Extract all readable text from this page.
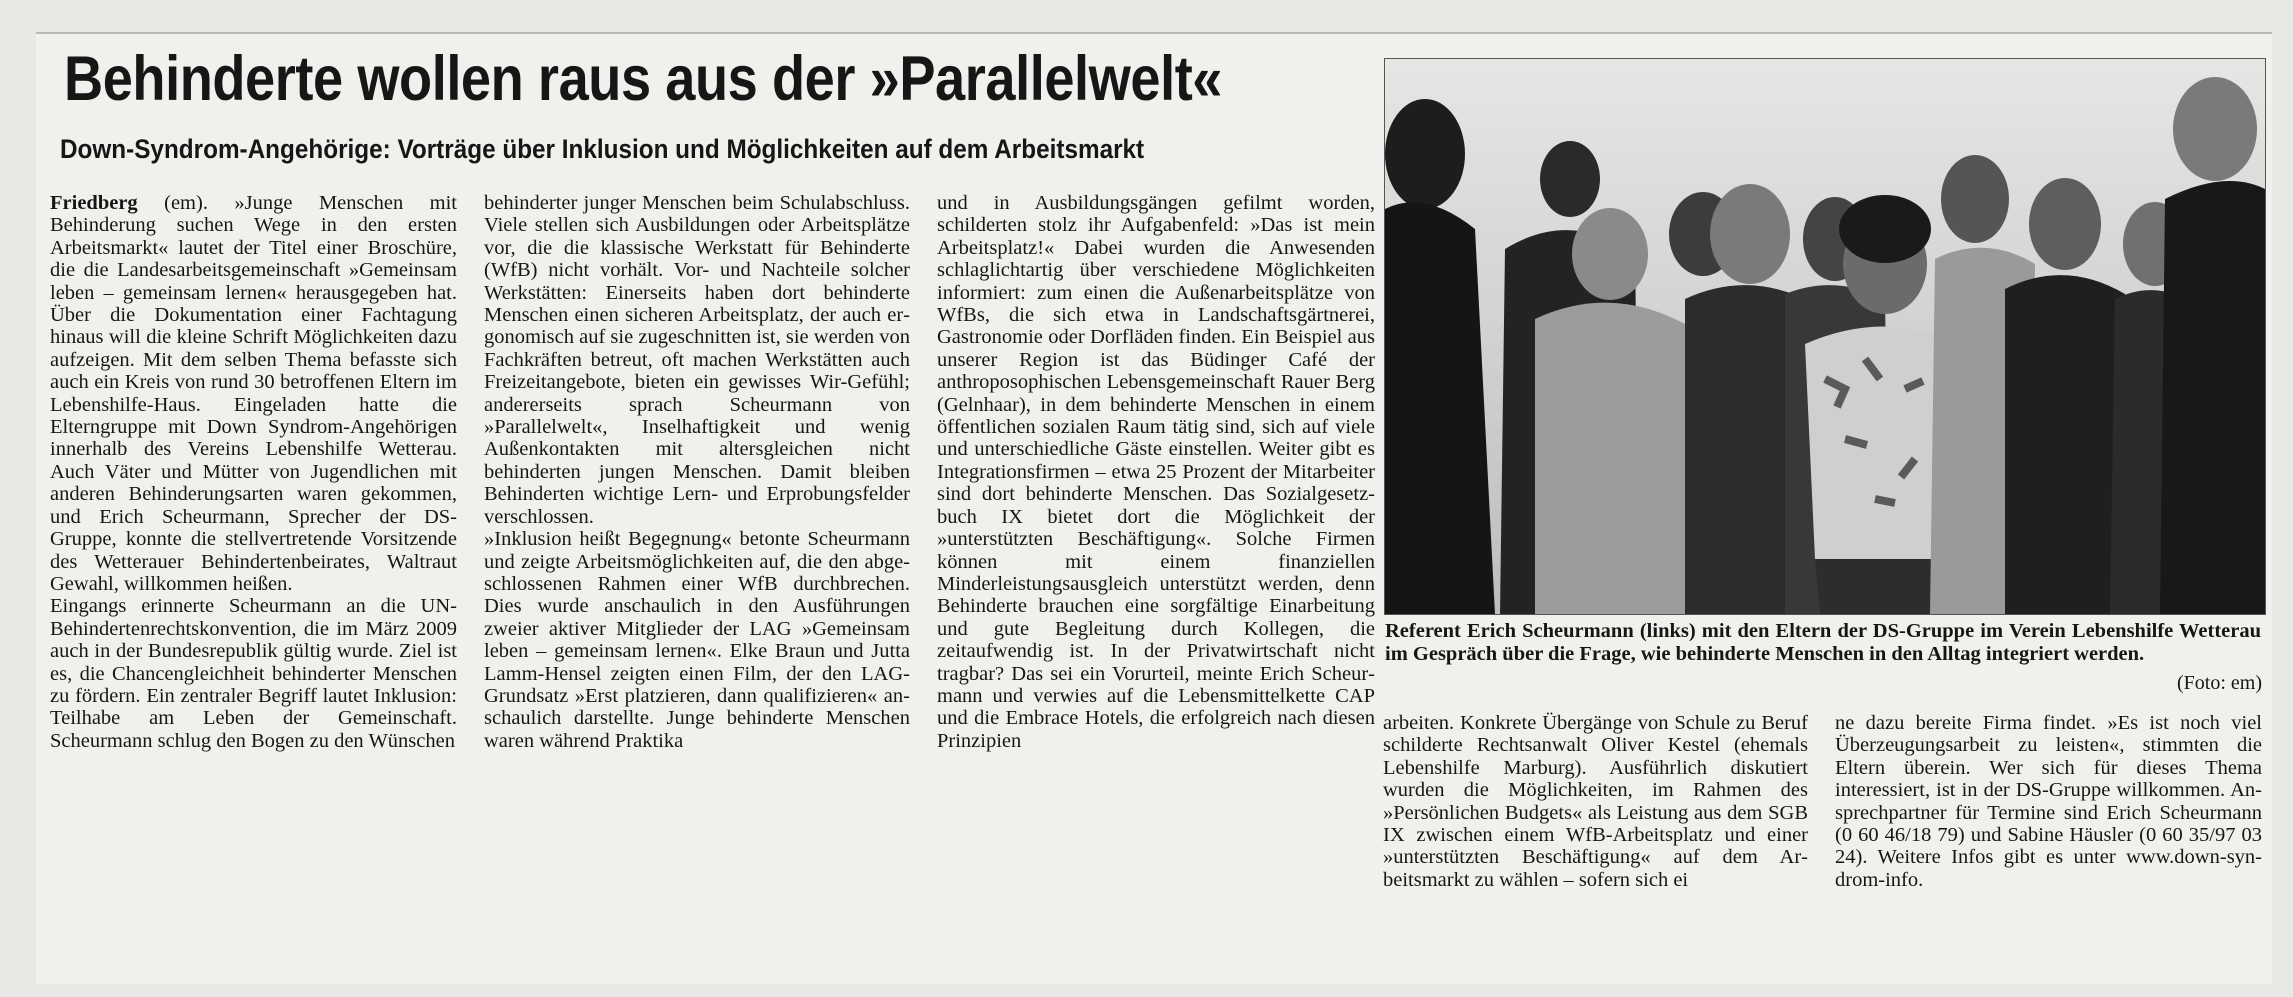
Behinderte wollen raus aus der »Parallelwelt«
Down-Syndrom-Angehörige: Vorträge über Inklusion und Möglichkeiten auf dem Arbeitsmarkt

Friedberg (em). »Junge Menschen mit Behinderung suchen Wege in den ersten Arbeitsmarkt« lautet der Titel einer Broschüre, die die Landesarbeitsgemeinschaft »Gemeinsam leben – gemeinsam lernen« herausgegeben hat. Über die Dokumentation einer Fachtagung hinaus will die kleine Schrift Möglichkeiten dazu aufzeigen. Mit dem selben Thema befasste sich auch ein Kreis von rund 30 betroffenen Eltern im Lebenshilfe-Haus. Eingeladen hatte die Elterngruppe mit Down Syndrom-Angehörigen innerhalb des Vereins Lebenshilfe Wetterau. Auch Väter und Mütter von Jugendlichen mit anderen Behinderungsarten waren gekommen, und Erich Scheurmann, Sprecher der DS-Gruppe, konnte die stellvertretende Vorsitzende des Wetterauer Behindertenbeirates, Waltraut Gewahl, willkommen heißen.

Eingangs erinnerte Scheurmann an die UN-Behindertenrechtskonvention, die im März 2009 auch in der Bundesrepublik gültig wurde. Ziel ist es, die Chancengleichheit behinderter Menschen zu fördern. Ein zentraler Begriff lautet Inklusion: Teilhabe am Leben der Gemeinschaft. Scheurmann schlug den Bogen zu den Wünschen

behinderter junger Menschen beim Schulabschluss. Viele stellen sich Ausbildungen oder Arbeitsplätze vor, die die klassische Werkstatt für Behinderte (WfB) nicht vorhält. Vor- und Nachteile solcher Werkstätten: Einerseits haben dort behinderte Menschen einen sicheren Arbeitsplatz, der auch ergonomisch auf sie zugeschnitten ist, sie werden von Fachkräften betreut, oft machen Werkstätten auch Freizeitangebote, bieten ein gewisses Wir-Gefühl; andererseits sprach Scheurmann von »Parallelwelt«, Inselhaftigkeit und wenig Außenkontakten mit altersgleichen nicht behinderten jungen Menschen. Damit bleiben Behinderten wichtige Lern- und Erprobungsfelder verschlossen.

»Inklusion heißt Begegnung« betonte Scheurmann und zeigte Arbeitsmöglichkeiten auf, die den abgeschlossenen Rahmen einer WfB durchbrechen. Dies wurde anschaulich in den Ausführungen zweier aktiver Mitglieder der LAG »Gemeinsam leben – gemeinsam lernen«. Elke Braun und Jutta Lamm-Hensel zeigten einen Film, der den LAG-Grundsatz »Erst platzieren, dann qualifizieren« anschaulich darstellte. Junge behinderte Menschen waren während Praktika

und in Ausbildungsgängen gefilmt worden, schilderten stolz ihr Aufgabenfeld: »Das ist mein Arbeitsplatz!« Dabei wurden die Anwesenden schlaglichtartig über verschiedene Möglichkeiten informiert: zum einen die Außenarbeitsplätze von WfBs, die sich etwa in Landschaftsgärtnerei, Gastronomie oder Dorfläden finden. Ein Beispiel aus unserer Region ist das Büdinger Café der anthroposophischen Lebensgemeinschaft Rauer Berg (Gelnhaar), in dem behinderte Menschen in einem öffentlichen sozialen Raum tätig sind, sich auf viele und unterschiedliche Gäste einstellen. Weiter gibt es Integrationsfirmen – etwa 25 Prozent der Mitarbeiter sind dort behinderte Menschen. Das Sozialgesetzbuch IX bietet dort die Möglichkeit der »unterstützten Beschäftigung«. Solche Firmen können mit einem finanziellen Minderleistungsausgleich unterstützt werden, denn Behinderte brauchen eine sorgfältige Einarbeitung und gute Begleitung durch Kollegen, die zeitaufwendig ist. In der Privatwirtschaft nicht tragbar? Das sei ein Vorurteil, meinte Erich Scheurmann und verwies auf die Lebensmittelkette CAP und die Embrace Hotels, die erfolgreich nach diesen Prinzipien

arbeiten. Konkrete Übergänge von Schule zu Beruf schilderte Rechtsanwalt Oliver Kestel (ehemals Lebenshilfe Marburg). Ausführlich diskutiert wurden die Möglichkeiten, im Rahmen des »Persönlichen Budgets« als Leistung aus dem SGB IX zwischen einem WfB-Arbeitsplatz und einer »unterstützten Beschäftigung« auf dem Arbeitsmarkt zu wählen – sofern sich ei

ne dazu bereite Firma findet. »Es ist noch viel Überzeugungsarbeit zu leisten«, stimmten die Eltern überein. Wer sich für dieses Thema interessiert, ist in der DS-Gruppe willkommen. Ansprechpartner für Termine sind Erich Scheurmann (0 60 46/18 79) und Sabine Häusler (0 60 35/97 03 24). Weitere Infos gibt es unter www.down-syndrom-info.

Referent Erich Scheurmann (links) mit den Eltern der DS-Gruppe im Verein Lebenshilfe Wetterau im Gespräch über die Frage, wie behinderte Menschen in den Alltag integriert werden.
(Foto: em)
